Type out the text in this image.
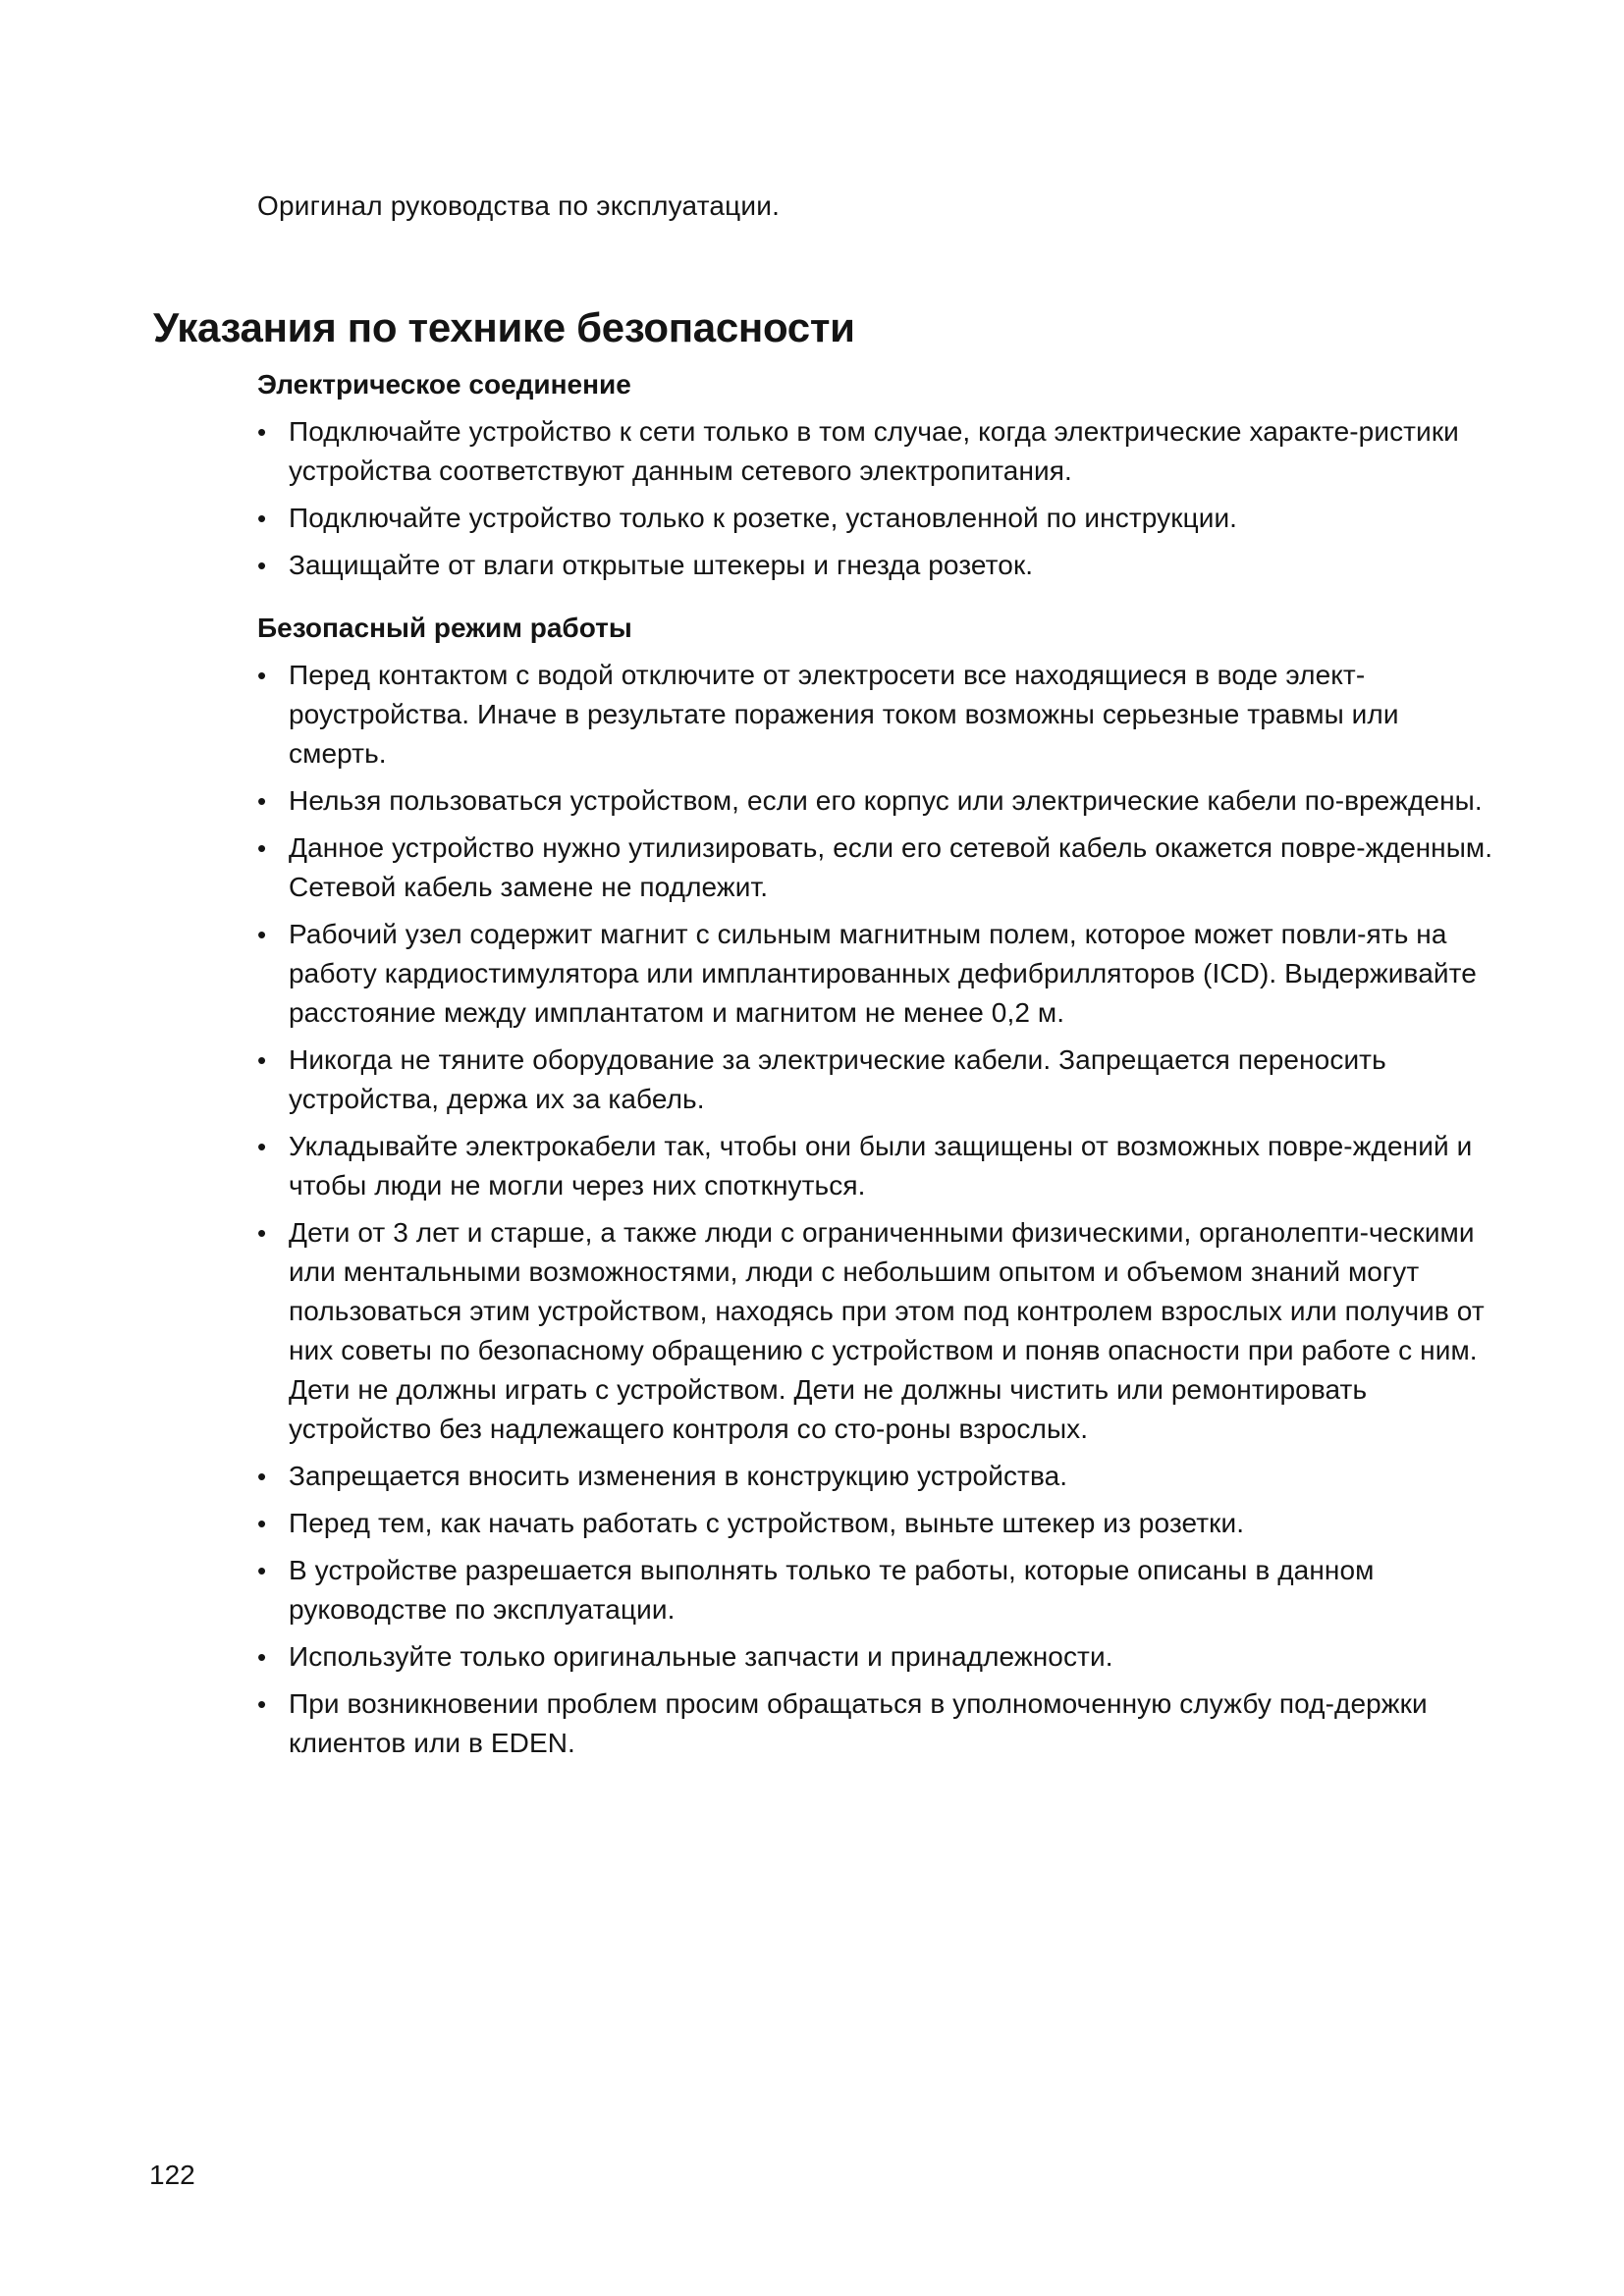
Оригинал руководства по эксплуатации.
Указания по технике безопасности
Электрическое соединение
• Подключайте устройство к сети только в том случае, когда электрические характе-ристики устройства соответствуют данным сетевого электропитания.
• Подключайте устройство только к розетке, установленной по инструкции.
• Защищайте от влаги открытые штекеры и гнезда розеток.
Безопасный режим работы
• Перед контактом с водой отключите от электросети все находящиеся в воде элект-роустройства. Иначе в результате поражения током возможны серьезные травмы или смерть.
• Нельзя пользоваться устройством, если его корпус или электрические кабели по-вреждены.
• Данное устройство нужно утилизировать, если его сетевой кабель окажется повре-жденным. Сетевой кабель замене не подлежит.
• Рабочий узел содержит магнит с сильным магнитным полем, которое может повли-ять на работу кардиостимулятора или имплантированных дефибрилляторов (ICD). Выдерживайте расстояние между имплантатом и магнитом не менее 0,2 м.
• Никогда не тяните оборудование за электрические кабели. Запрещается переносить устройства, держа их за кабель.
• Укладывайте электрокабели так, чтобы они были защищены от возможных повре-ждений и чтобы люди не могли через них споткнуться.
• Дети от 3 лет и старше, а также люди с ограниченными физическими, органолепти-ческими или ментальными возможностями, люди с небольшим опытом и объемом знаний могут пользоваться этим устройством, находясь при этом под контролем взрослых или получив от них советы по безопасному обращению с устройством и поняв опасности при работе с ним. Дети не должны играть с устройством. Дети не должны чистить или ремонтировать устройство без надлежащего контроля со сто-роны взрослых.
• Запрещается вносить изменения в конструкцию устройства.
• Перед тем, как начать работать с устройством, выньте штекер из розетки.
• В устройстве разрешается выполнять только те работы, которые описаны в данном руководстве по эксплуатации.
• Используйте только оригинальные запчасти и принадлежности.
• При возникновении проблем просим обращаться в уполномоченную службу под-держки клиентов или в EDEN.
122
